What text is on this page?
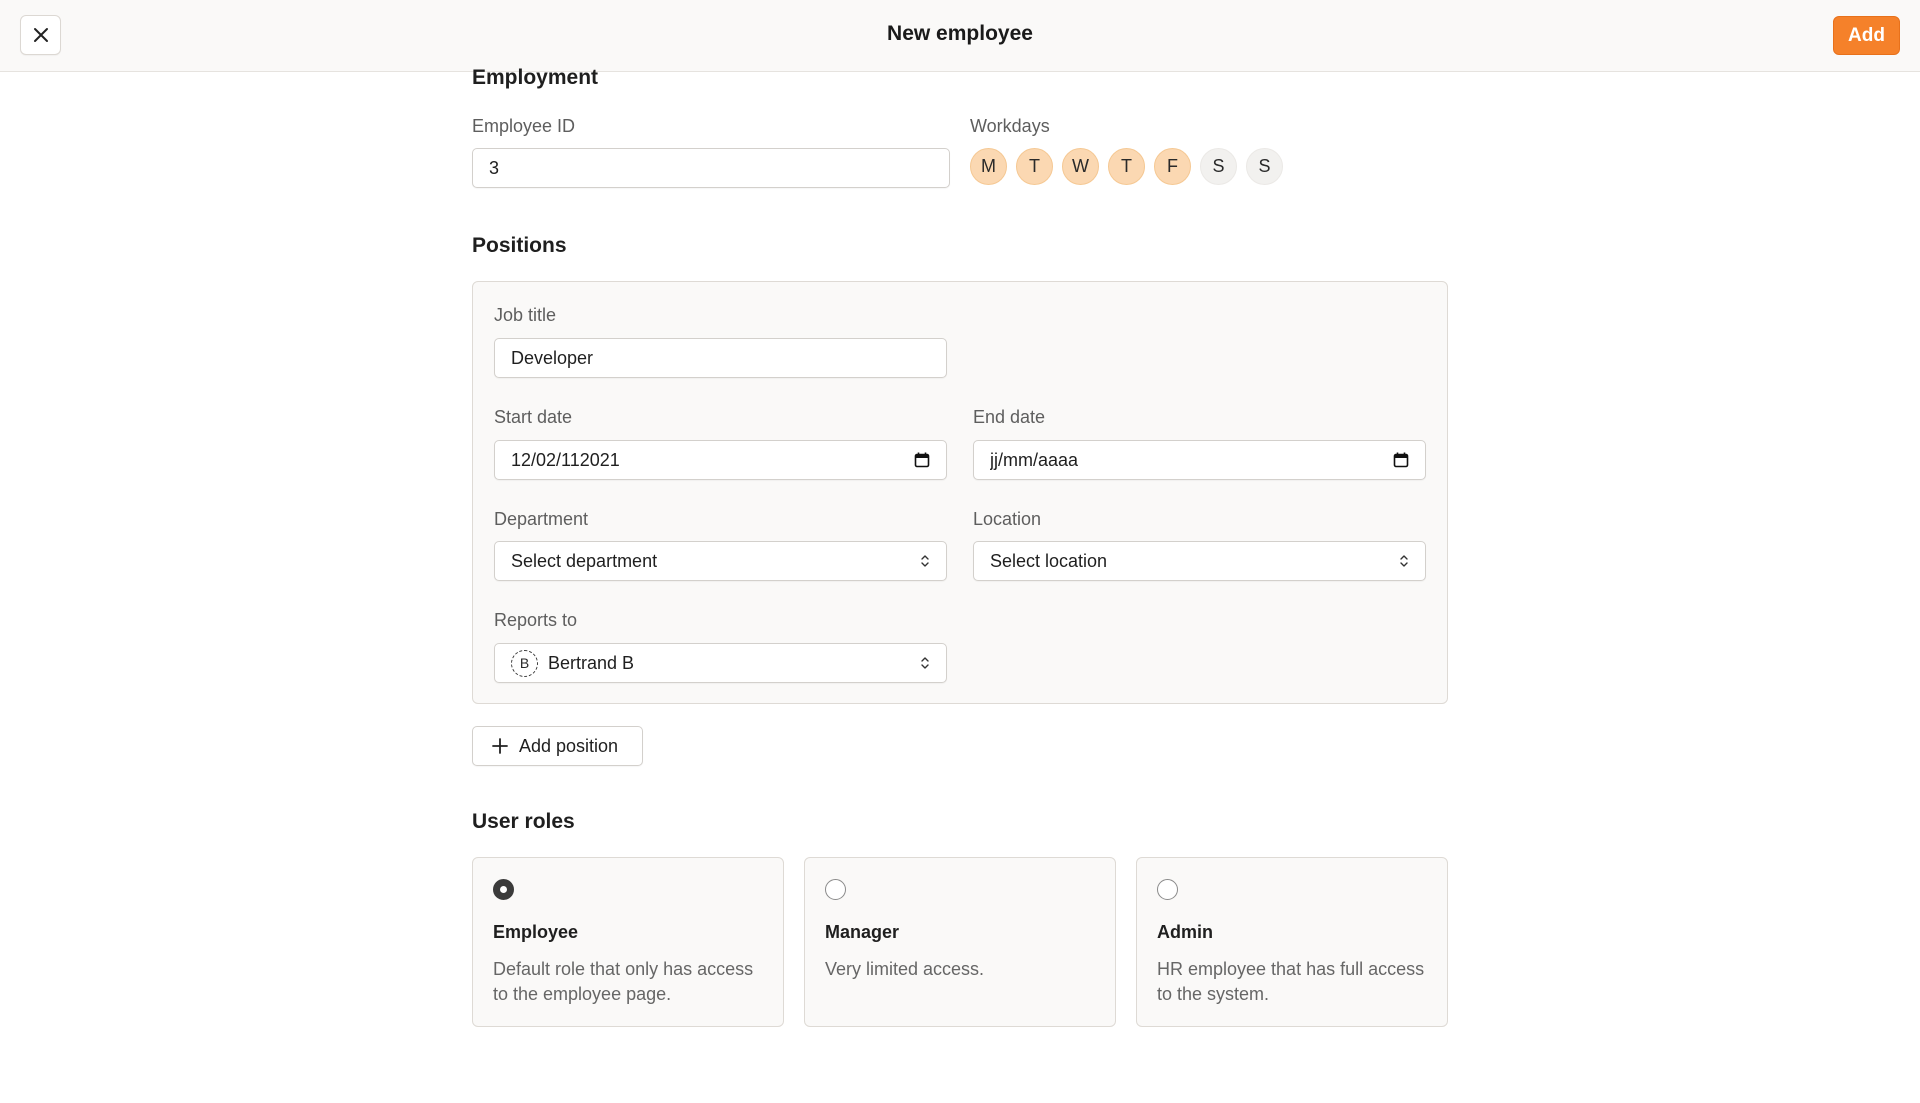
New employee	Add
Employment
Employee ID
3
Workdays
M	T	W	T	F	S	S
Positions
Job title
Developer
Start date
12/02/112021
End date
jj/mm/aaaa
Department
Select department
Location
Select location
Reports to
B	Bertrand B
Add position
User roles
Employee
Default role that only has access to the employee page.
Manager
Very limited access.
Admin
HR employee that has full access to the system.
